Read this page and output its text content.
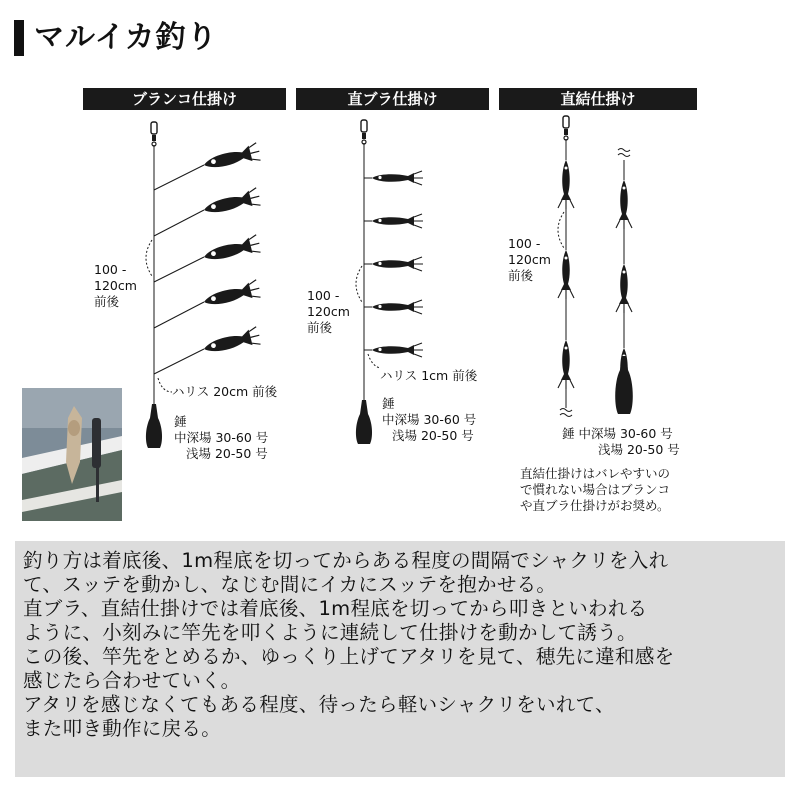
マルイカ釣り
ブランコ仕掛け	直ブラ仕掛け	直結仕掛け
100 -
120cm
前後
ハリス 20cm 前後
錘
中深場 30-60 号
浅場 20-50 号
100 -
120cm
前後
ハリス 1cm 前後
錘
中深場 30-60 号
浅場 20-50 号
100 -
120cm
前後
錘 中深場 30-60 号
浅場 20-50 号
直結仕掛けはバレやすいの
で慣れない場合はブランコ
や直ブラ仕掛けがお奨め。

釣り方は着底後、1m程底を切ってからある程度の間隔でシャクリを入れ

て、スッテを動かし、なじむ間にイカにスッテを抱かせる。

直ブラ、直結仕掛けでは着底後、1m程底を切ってから叩きといわれる

ように、小刻みに竿先を叩くように連続して仕掛けを動かして誘う。

この後、竿先をとめるか、ゆっくり上げてアタリを見て、穂先に違和感を

感じたら合わせていく。

アタリを感じなくてもある程度、待ったら軽いシャクリをいれて、

また叩き動作に戻る。
